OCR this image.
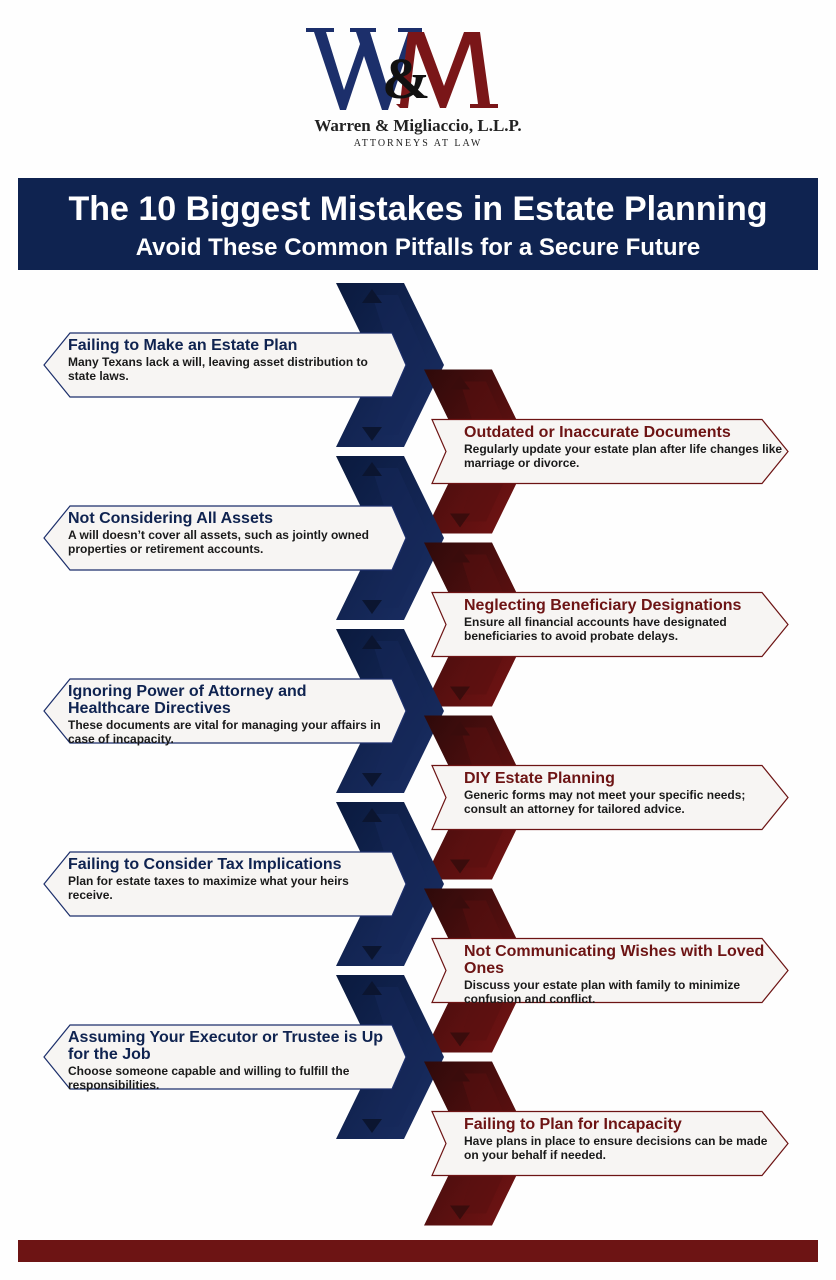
&
Warren & Migliaccio, L.L.P.
ATTORNEYS AT LAW
The 10 Biggest Mistakes in Estate Planning
Avoid These Common Pitfalls for a Secure Future
Failing to Make an Estate Plan
Many Texans lack a will, leaving asset distribution to state laws.
Outdated or Inaccurate Documents
Regularly update your estate plan after life changes like marriage or divorce.
Not Considering All Assets
A will doesn’t cover all assets, such as jointly owned properties or retirement accounts.
Neglecting Beneficiary Designations
Ensure all financial accounts have designated beneficiaries to avoid probate delays.
Ignoring Power of Attorney and Healthcare Directives
These documents are vital for managing your affairs in case of incapacity.
DIY Estate Planning
Generic forms may not meet your specific needs; consult an attorney for tailored advice.
Failing to Consider Tax Implications
Plan for estate taxes to maximize what your heirs receive.
Not Communicating Wishes with Loved Ones
Discuss your estate plan with family to minimize confusion and conflict.
Assuming Your Executor or Trustee is Up for the Job
Choose someone capable and willing to fulfill the responsibilities.
Failing to Plan for Incapacity
Have plans in place to ensure decisions can be made on your behalf if needed.
